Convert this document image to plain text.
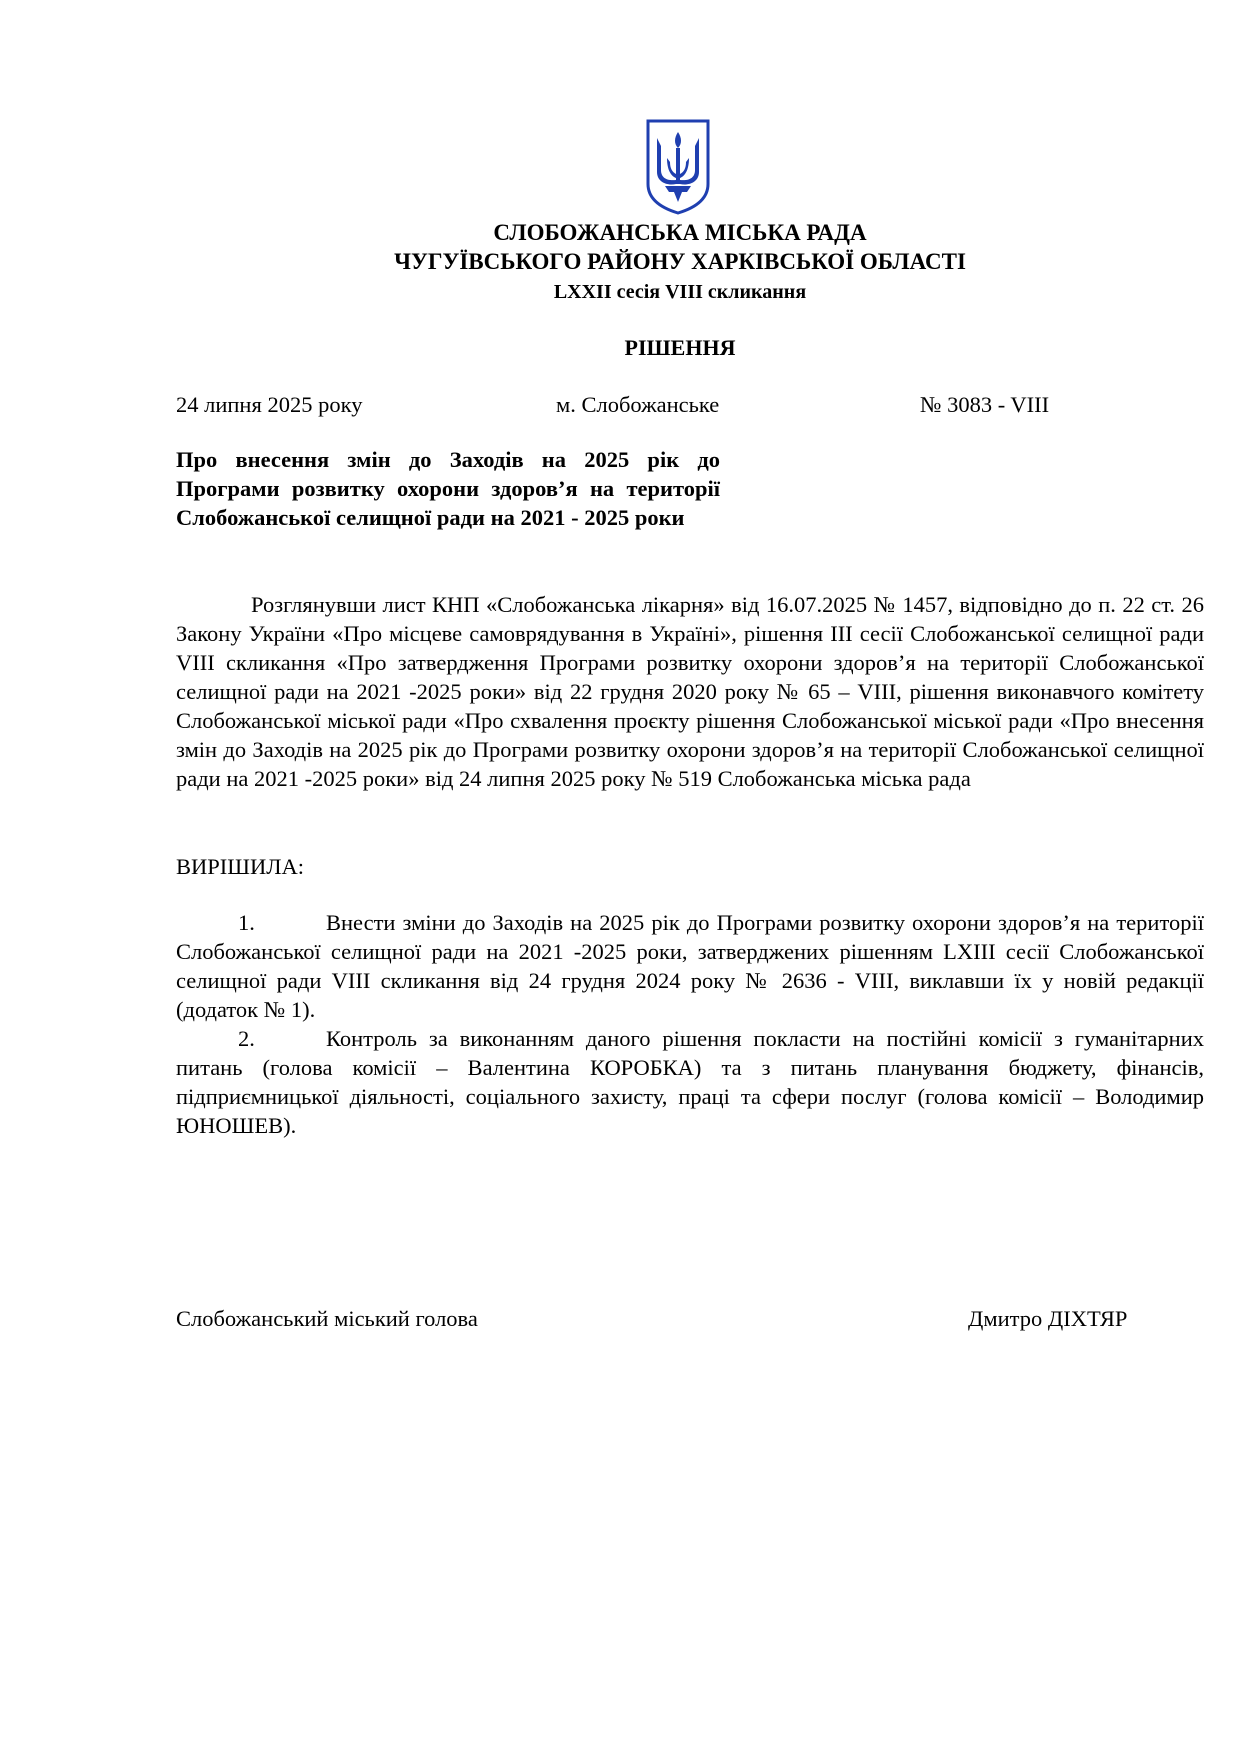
СЛОБОЖАНСЬКА МІСЬКА РАДА
ЧУГУЇВСЬКОГО РАЙОНУ ХАРКІВСЬКОЇ ОБЛАСТІ
LXXII сесія VIII скликання
РІШЕННЯ
24 липня 2025 року	м. Слобожанське	№ 3083 - VIII
Про внесення змін до Заходів на 2025 рік до Програми розвитку охорони здоров’я на території Слобожанської селищної ради на 2021 - 2025 роки
Розглянувши лист КНП «Слобожанська лікарня» від 16.07.2025 № 1457, відповідно до п. 22 ст. 26 Закону України «Про місцеве самоврядування в Україні», рішення ІІІ сесії Слобожанської селищної ради VIII скликання «Про затвердження Програми розвитку охорони здоров’я на території Слобожанської селищної ради на 2021 -2025 роки» від 22 грудня 2020 року № 65 – VIII, рішення виконавчого комітету Слобожанської міської ради «Про схвалення проєкту рішення Слобожанської міської ради «Про внесення змін до Заходів на 2025 рік до Програми розвитку охорони здоров’я на території Слобожанської селищної ради на 2021 -2025 роки» від 24 липня 2025 року № 519 Слобожанська міська рада
ВИРІШИЛА:
1.	Внести зміни до Заходів на 2025 рік до Програми розвитку охорони здоров’я на території Слобожанської селищної ради на 2021 -2025 роки, затверджених рішенням LXIII сесії Слобожанської селищної ради VIII скликання від 24 грудня 2024 року № 2636 - VIII, виклавши їх у новій редакції (додаток № 1).
2.	Контроль за виконанням даного рішення покласти на постійні комісії з гуманітарних питань (голова комісії – Валентина КОРОБКА) та з питань планування бюджету, фінансів, підприємницької діяльності, соціального захисту, праці та сфери послуг (голова комісії – Володимир ЮНОШЕВ).
Слобожанський міський голова	Дмитро ДІХТЯР
